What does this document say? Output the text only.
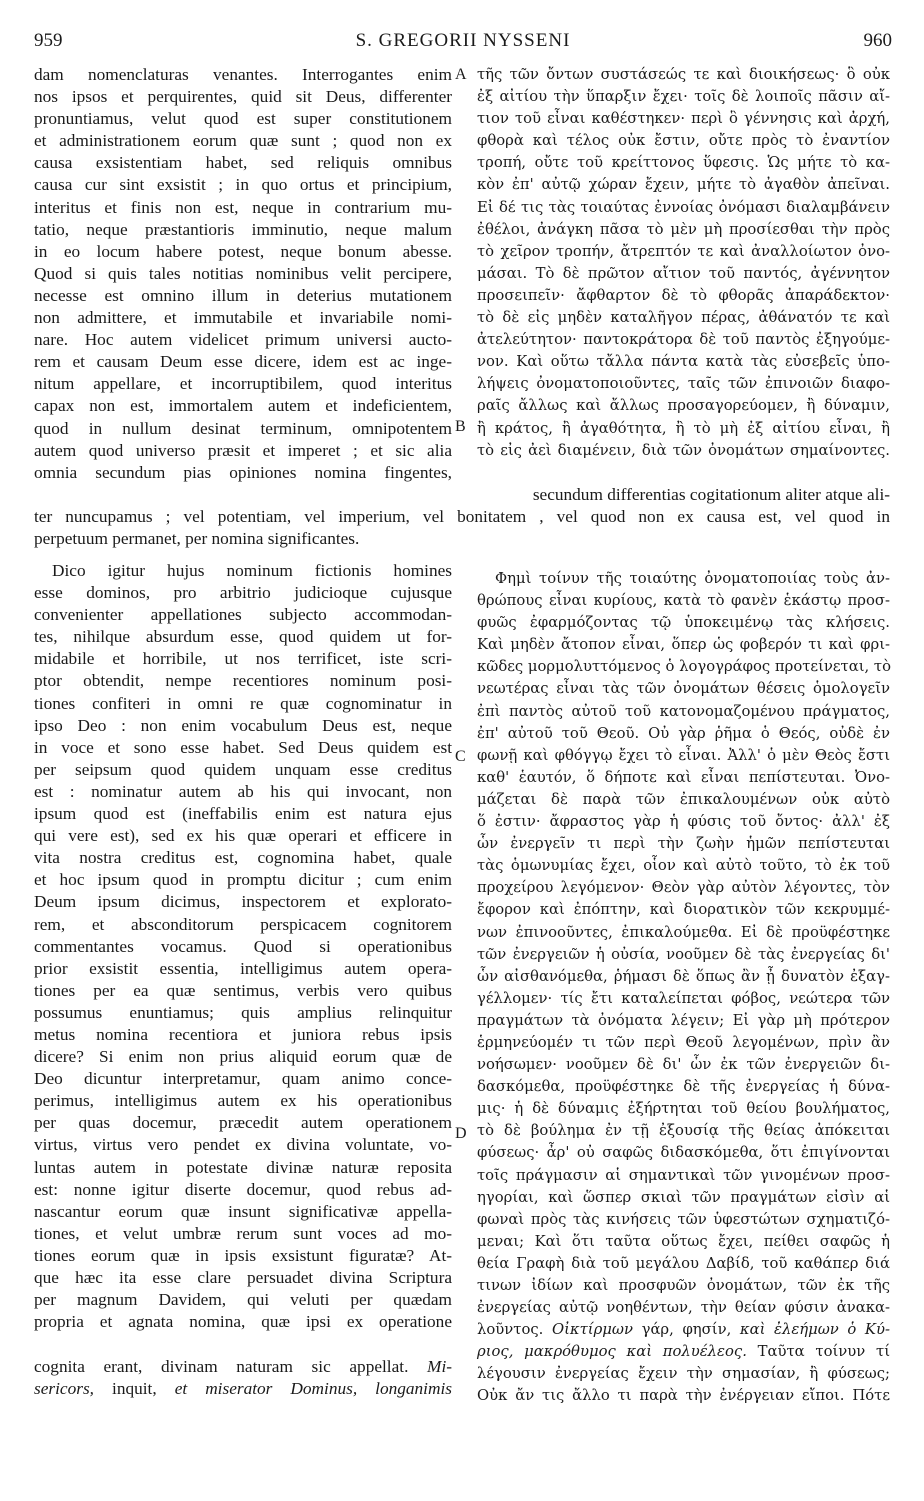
959	S. GREGORII NYSSENI	960
dam nomenclaturas venantes. Interrogantes enim
nos ipsos et perquirentes, quid sit Deus, differenter
pronuntiamus, velut quod est super constitutionem
et administrationem eorum quæ sunt ; quod non ex
causa exsistentiam habet, sed reliquis omnibus
causa cur sint exsistit ; in quo ortus et principium,
interitus et finis non est, neque in contrarium mu-
tatio, neque præstantioris imminutio, neque malum
in eo locum habere potest, neque bonum abesse.
Quod si quis tales notitias nominibus velit percipere,
necesse est omnino illum in deterius mutationem
non admittere, et immutabile et invariabile nomi-
nare. Hoc autem videlicet primum universi aucto-
rem et causam Deum esse dicere, idem est ac inge-
nitum appellare, et incorruptibilem, quod interitus
capax non est, immortalem autem et indeficientem,
quod in nullum desinat terminum, omnipotentem
autem quod universo præsit et imperet ; et sic alia
omnia secundum pias opiniones nomina fingentes,
τῆς τῶν ὄντων συστάσεώς τε καὶ διοικήσεως· ὃ οὐκ
ἐξ αἰτίου τὴν ὕπαρξιν ἔχει· τοῖς δὲ λοιποῖς πᾶσιν αἴ-
τιον τοῦ εἶναι καθέστηκεν· περὶ ὃ γέννησις καὶ ἀρχή,
φθορὰ καὶ τέλος οὐκ ἔστιν, οὔτε πρὸς τὸ ἐναντίον
τροπή, οὔτε τοῦ κρείττονος ὕφεσις. Ὡς μήτε τὸ κα-
κὸν ἐπ' αὐτῷ χώραν ἔχειν, μήτε τὸ ἀγαθὸν ἀπεῖναι.
Εἰ δέ τις τὰς τοιαύτας ἐννοίας ὀνόμασι διαλαμβάνειν
ἐθέλοι, ἀνάγκη πᾶσα τὸ μὲν μὴ προσίεσθαι τὴν πρὸς
τὸ χεῖρον τροπήν, ἄτρεπτόν τε καὶ ἀναλλοίωτον ὀνο-
μάσαι. Τὸ δὲ πρῶτον αἴτιον τοῦ παντός, ἀγέννητον
προσειπεῖν· ἄφθαρτον δὲ τὸ φθορᾶς ἀπαράδεκτον·
τὸ δὲ εἰς μηδὲν καταλῆγον πέρας, ἀθάνατόν τε καὶ
ἀτελεύτητον· παντοκράτορα δὲ τοῦ παντὸς ἐξηγούμε-
νον. Καὶ οὕτω τἄλλα πάντα κατὰ τὰς εὐσεβεῖς ὑπο-
λήψεις ὀνοματοποιοῦντες, ταῖς τῶν ἐπινοιῶν διαφο-
ραῖς ἄλλως καὶ ἄλλως προσαγορεύομεν, ἢ δύναμιν,
ἢ κράτος, ἢ ἀγαθότητα, ἢ τὸ μὴ ἐξ αἰτίου εἶναι, ἢ
τὸ εἰς ἀεὶ διαμένειν, διὰ τῶν ὀνομάτων σημαίνοντες.
secundum differentias cogitationum aliter atque ali-
ter nuncupamus ; vel potentiam, vel imperium, vel bonitatem , vel quod non ex causa est, vel quod in
perpetuum permanet, per nomina significantes.
Dico igitur hujus nominum fictionis homines
esse dominos, pro arbitrio judicioque cujusque
convenienter appellationes subjecto accommodan-
tes, nihilque absurdum esse, quod quidem ut for-
midabile et horribile, ut nos terrificet, iste scri-
ptor obtendit, nempe recentiores nominum posi-
tiones confiteri in omni re quæ cognominatur in
ipso Deo : non enim vocabulum Deus est, neque
in voce et sono esse habet. Sed Deus quidem est
per seipsum quod quidem unquam esse creditus
est : nominatur autem ab his qui invocant, non
ipsum quod est (ineffabilis enim est natura ejus
qui vere est), sed ex his quæ operari et efficere in
vita nostra creditus est, cognomina habet, quale
et hoc ipsum quod in promptu dicitur ; cum enim
Deum ipsum dicimus, inspectorem et explorato-
rem, et absconditorum perspicacem cognitorem
commentantes vocamus. Quod si operationibus
prior exsistit essentia, intelligimus autem opera-
tiones per ea quæ sentimus, verbis vero quibus
possumus enuntiamus; quis amplius relinquitur
metus nomina recentiora et juniora rebus ipsis
dicere? Si enim non prius aliquid eorum quæ de
Deo dicuntur interpretamur, quam animo conce-
perimus, intelligimus autem ex his operationibus
per quas docemur, præcedit autem operationem
virtus, virtus vero pendet ex divina voluntate, vo-
luntas autem in potestate divinæ naturæ reposita
est: nonne igitur diserte docemur, quod rebus ad-
nascantur eorum quæ insunt significativæ appella-
tiones, et velut umbræ rerum sunt voces ad mo-
tiones eorum quæ in ipsis exsistunt figuratæ? At-
que hæc ita esse clare persuadet divina Scriptura
per magnum Davidem, qui veluti per quædam
propria et agnata nomina, quæ ipsi ex operatione
cognita erant, divinam naturam sic appellat. Mi-
sericors, inquit, et miserator Dominus, longanimis
Φημὶ τοίνυν τῆς τοιαύτης ὀνοματοποιίας τοὺς ἀν-
θρώπους εἶναι κυρίους, κατὰ τὸ φανὲν ἑκάστῳ προσ-
φυῶς ἐφαρμόζοντας τῷ ὑποκειμένῳ τὰς κλήσεις.
Καὶ μηδὲν ἄτοπον εἶναι, ὅπερ ὡς φοβερόν τι καὶ φρι-
κῶδες μορμολυττόμενος ὁ λογογράφος προτείνεται, τὸ
νεωτέρας εἶναι τὰς τῶν ὀνομάτων θέσεις ὁμολογεῖν
ἐπὶ παντὸς αὐτοῦ τοῦ κατονομαζομένου πράγματος,
ἐπ' αὐτοῦ τοῦ Θεοῦ. Οὐ γὰρ ῥῆμα ὁ Θεός, οὐδὲ ἐν
φωνῇ καὶ φθόγγῳ ἔχει τὸ εἶναι. Ἀλλ' ὁ μὲν Θεὸς ἔστι
καθ' ἑαυτόν, ὅ δήποτε καὶ εἶναι πεπίστευται. Ὀνο-
μάζεται δὲ παρὰ τῶν ἐπικαλουμένων οὐκ αὐτὸ
ὅ ἐστιν· ἄφραστος γὰρ ἡ φύσις τοῦ ὄντος· ἀλλ' ἐξ
ὧν ἐνεργεῖν τι περὶ τὴν ζωὴν ἡμῶν πεπίστευται
τὰς ὁμωνυμίας ἔχει, οἷον καὶ αὐτὸ τοῦτο, τὸ ἐκ τοῦ
προχείρου λεγόμενον· Θεὸν γὰρ αὐτὸν λέγοντες, τὸν
ἔφορον καὶ ἐπόπτην, καὶ διορατικὸν τῶν κεκρυμμέ-
νων ἐπινοοῦντες, ἐπικαλούμεθα. Εἰ δὲ προϋφέστηκε
τῶν ἐνεργειῶν ἡ οὐσία, νοοῦμεν δὲ τὰς ἐνεργείας δι'
ὧν αἰσθανόμεθα, ῥήμασι δὲ ὅπως ἂν ᾖ δυνατὸν ἐξαγ-
γέλλομεν· τίς ἔτι καταλείπεται φόβος, νεώτερα τῶν
πραγμάτων τὰ ὀνόματα λέγειν; Εἰ γὰρ μὴ πρότερον
ἑρμηνεύομέν τι τῶν περὶ Θεοῦ λεγομένων, πρὶν ἂν
νοήσωμεν· νοοῦμεν δὲ δι' ὧν ἐκ τῶν ἐνεργειῶν δι-
δασκόμεθα, προϋφέστηκε δὲ τῆς ἐνεργείας ἡ δύνα-
μις· ἡ δὲ δύναμις ἐξήρτηται τοῦ θείου βουλήματος,
τὸ δὲ βούλημα ἐν τῇ ἐξουσίᾳ τῆς θείας ἀπόκειται
φύσεως· ἆρ' οὐ σαφῶς διδασκόμεθα, ὅτι ἐπιγίνονται
τοῖς πράγμασιν αἱ σημαντικαὶ τῶν γινομένων προσ-
ηγορίαι, καὶ ὥσπερ σκιαὶ τῶν πραγμάτων εἰσὶν αἱ
φωναὶ πρὸς τὰς κινήσεις τῶν ὑφεστώτων σχηματιζό-
μεναι; Καὶ ὅτι ταῦτα οὕτως ἔχει, πείθει σαφῶς ἡ
θεία Γραφὴ διὰ τοῦ μεγάλου Δαβίδ, τοῦ καθάπερ διά
τινων ἰδίων καὶ προσφυῶν ὀνομάτων, τῶν ἐκ τῆς
ἐνεργείας αὐτῷ νοηθέντων, τὴν θείαν φύσιν ἀνακα-
λοῦντος. Οἰκτίρμων γάρ, φησίν, καὶ ἐλεήμων ὁ Κύ-
ριος, μακρόθυμος καὶ πολυέλεος. Ταῦτα τοίνυν τί
λέγουσιν ἐνεργείας ἔχειν τὴν σημασίαν, ἢ φύσεως;
Οὐκ ἄν τις ἄλλο τι παρὰ τὴν ἐνέργειαν εἴποι. Πότε
A
B
C
D
